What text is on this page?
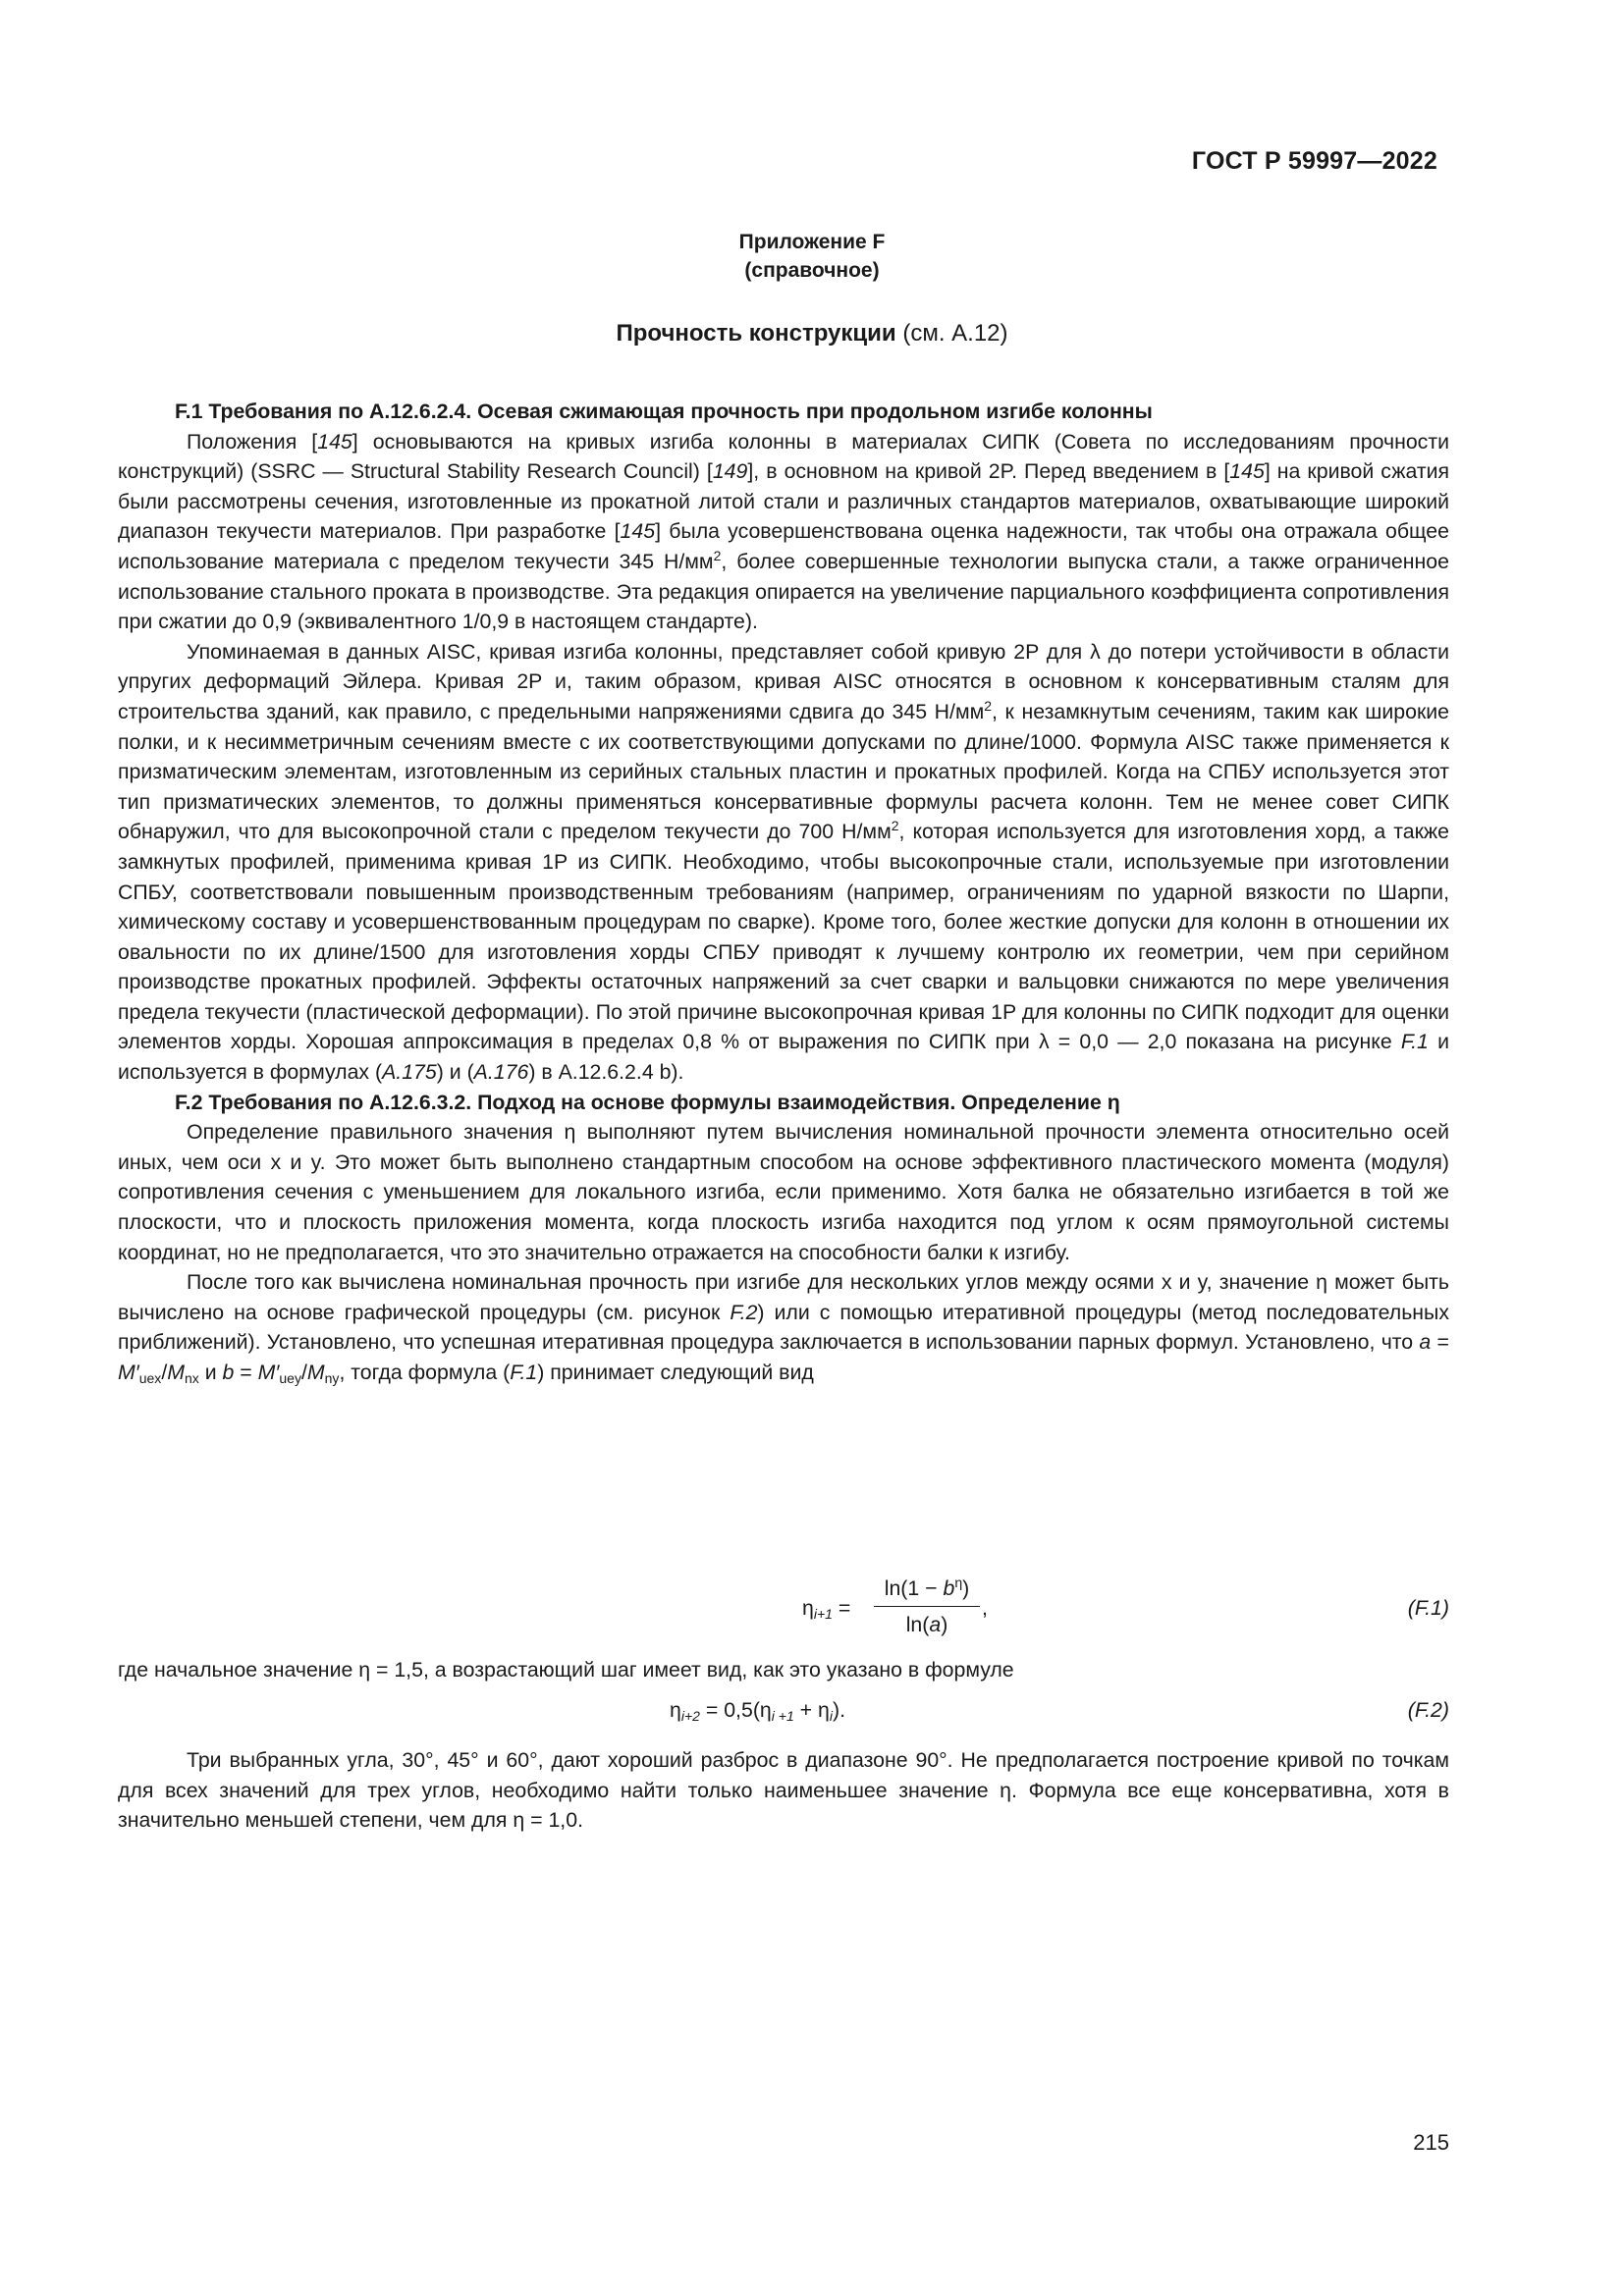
ГОСТ Р 59997—2022
Приложение F
(справочное)
Прочность конструкции (см. А.12)

F.1 Требования по A.12.6.2.4. Осевая сжимающая прочность при продольном изгибе колонны

Положения [145] основываются на кривых изгиба колонны в материалах СИПК (Совета по исследованиям прочности конструкций) (SSRC — Structural Stability Research Council) [149], в основном на кривой 2P. Перед введением в [145] на кривой сжатия были рассмотрены сечения, изготовленные из прокатной литой стали и различных стандартов материалов, охватывающие широкий диапазон текучести материалов. При разработке [145] была усовершенствована оценка надежности, так чтобы она отражала общее использование материала с пределом текучести 345 $Н/мм^2$, более совершенные технологии выпуска стали, а также ограниченное использование стального проката в производстве. Эта редакция опирается на увеличение парциального коэффициента сопротивления при сжатии до 0,9 (эквивалентного 1/0,9 в настоящем стандарте).

Упоминаемая в данных AISC, кривая изгиба колонны, представляет собой кривую 2P для λ до потери устойчивости в области упругих деформаций Эйлера. Кривая 2P и, таким образом, кривая AISC относятся в основном к консервативным сталям для строительства зданий, как правило, с предельными напряжениями сдвига до 345 $Н/мм^2$, к незамкнутым сечениям, таким как широкие полки, и к несимметричным сечениям вместе с их соответствующими допусками по длине/1000. Формула AISC также применяется к призматическим элементам, изготовленным из серийных стальных пластин и прокатных профилей. Когда на СПБУ используется этот тип призматических элементов, то должны применяться консервативные формулы расчета колонн. Тем не менее совет СИПК обнаружил, что для высокопрочной стали с пределом текучести до 700 $Н/мм^2$, которая используется для изготовления хорд, а также замкнутых профилей, применима кривая 1P из СИПК. Необходимо, чтобы высокопрочные стали, используемые при изготовлении СПБУ, соответствовали повышенным производственным требованиям (например, ограничениям по ударной вязкости по Шарпи, химическому составу и усовершенствованным процедурам по сварке). Кроме того, более жесткие допуски для колонн в отношении их овальности по их длине/1500 для изготовления хорды СПБУ приводят к лучшему контролю их геометрии, чем при серийном производстве прокатных профилей. Эффекты остаточных напряжений за счет сварки и вальцовки снижаются по мере увеличения предела текучести (пластической деформации). По этой причине высокопрочная кривая 1P для колонны по СИПК подходит для оценки элементов хорды. Хорошая аппроксимация в пределах 0,8 % от выражения по СИПК при λ = 0,0 — 2,0 показана на рисунке F.1 и используется в формулах (A.175) и (A.176) в A.12.6.2.4 b).

F.2 Требования по A.12.6.3.2. Подход на основе формулы взаимодействия. Определение η

Определение правильного значения η выполняют путем вычисления номинальной прочности элемента относительно осей иных, чем оси x и y. Это может быть выполнено стандартным способом на основе эффективного пластического момента (модуля) сопротивления сечения с уменьшением для локального изгиба, если применимо. Хотя балка не обязательно изгибается в той же плоскости, что и плоскость приложения момента, когда плоскость изгиба находится под углом к осям прямоугольной системы координат, но не предполагается, что это значительно отражается на способности балки к изгибу.

После того как вычислена номинальная прочность при изгибе для нескольких углов между осями x и y, значение η может быть вычислено на основе графической процедуры (см. рисунок F.2) или с помощью итеративной процедуры (метод последовательных приближений). Установлено, что успешная итеративная процедура заключается в использовании парных формул. Установлено, что $a = M'_{uex}/M_{nx}$ и $b = M'_{uey}/M_{ny}$, тогда формула (F.1) принимает следующий вид

$\eta_{i+1}$ =
$\ln(1 - b^\eta)$
ln(a)
,	(F.1)
где начальное значение η = 1,5, а возрастающий шаг имеет вид, как это указано в формуле
$\eta_{i+2} = 0,5(\eta_{i +1} + \eta_i)$.	(F.2)

Три выбранных угла, 30°, 45° и 60°, дают хороший разброс в диапазоне 90°. Не предполагается построение кривой по точкам для всех значений для трех углов, необходимо найти только наименьшее значение η. Формула все еще консервативна, хотя в значительно меньшей степени, чем для η = 1,0.

215
